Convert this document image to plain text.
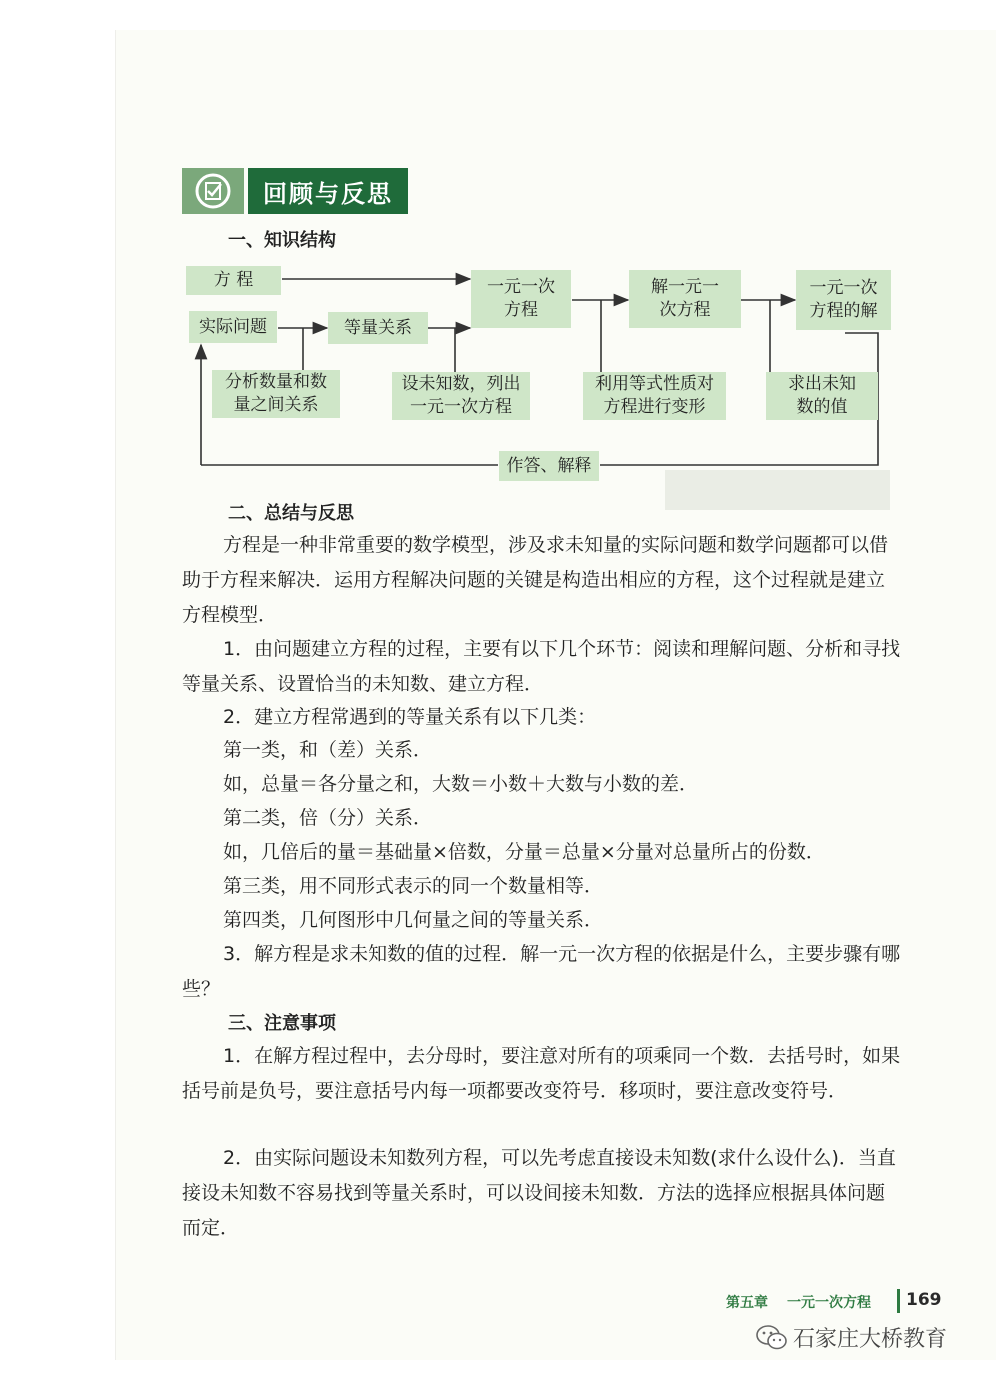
回顾与反思
一、知识结构
方 程
实际问题
分析数量和数量之间关系
等量关系
设未知数，列出一元一次方程
一元一次方程
解一元一次方程
利用等式性质对方程进行变形
一元一次方程的解
求出未知数的值
作答、解释
二、总结与反思

方程是一种非常重要的数学模型，涉及求未知量的实际问题和数学问题都可以借助于方程来解决．运用方程解决问题的关键是构造出相应的方程，这个过程就是建立方程模型．

1．由问题建立方程的过程，主要有以下几个环节：阅读和理解问题、分析和寻找等量关系、设置恰当的未知数、建立方程．

2．建立方程常遇到的等量关系有以下几类：

第一类，和（差）关系．

如，总量＝各分量之和，大数＝小数＋大数与小数的差．

第二类，倍（分）关系．

如，几倍后的量＝基础量×倍数，分量＝总量×分量对总量所占的份数．

第三类，用不同形式表示的同一个数量相等．

第四类，几何图形中几何量之间的等量关系．

3．解方程是求未知数的值的过程．解一元一次方程的依据是什么，主要步骤有哪些？

三、注意事项

1．在解方程过程中，去分母时，要注意对所有的项乘同一个数．去括号时，如果括号前是负号，要注意括号内每一项都要改变符号．移项时，要注意改变符号．

2．由实际问题设未知数列方程，可以先考虑直接设未知数(求什么设什么)．当直接设未知数不容易找到等量关系时，可以设间接未知数．方法的选择应根据具体问题而定．

第五章 一元一次方程 169
石家庄大桥教育
